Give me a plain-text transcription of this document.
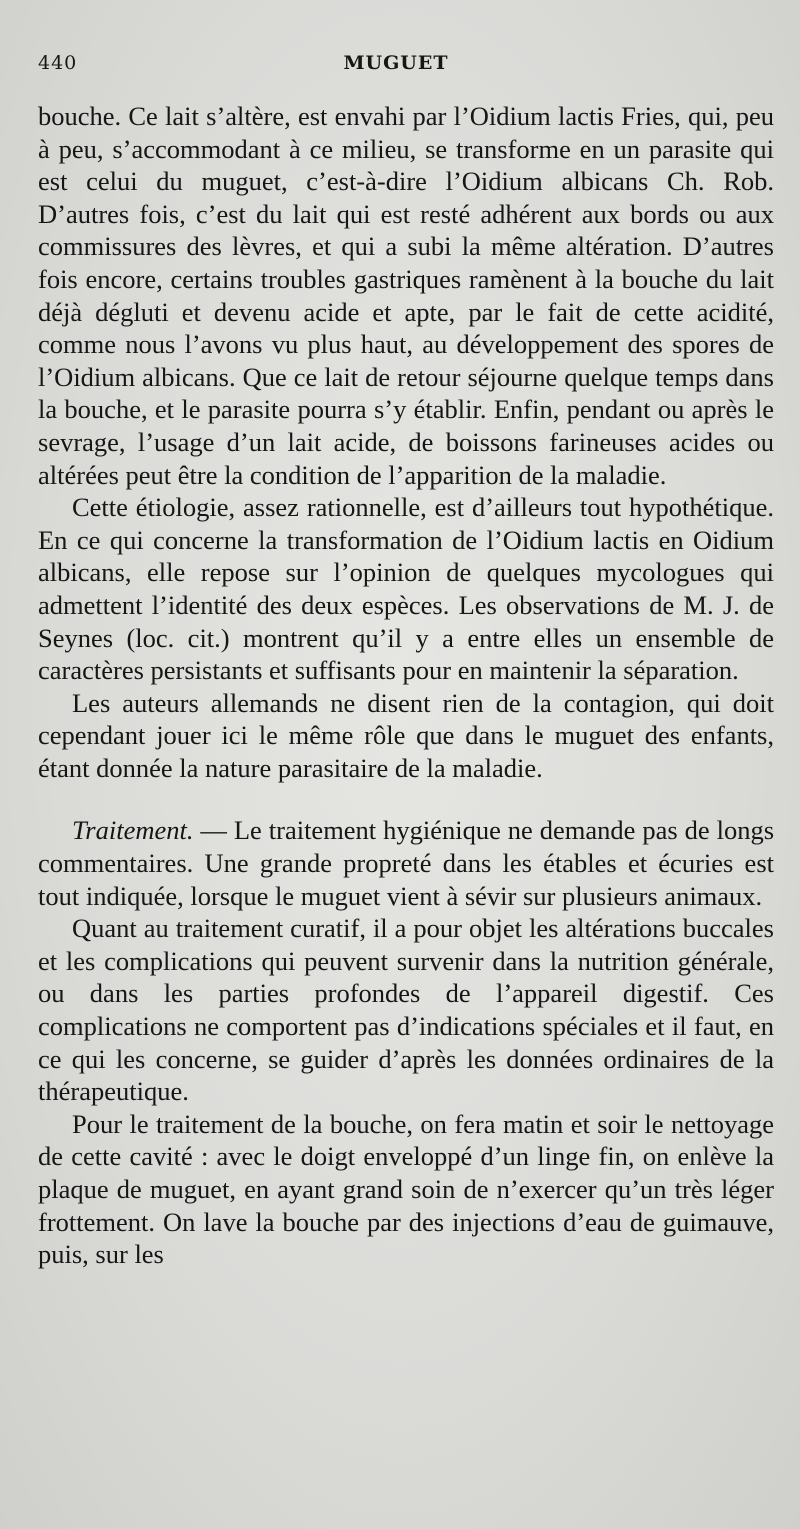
440	MUGUET

bouche. Ce lait s’altère, est envahi par l’Oidium lactis Fries, qui, peu à peu, s’accommodant à ce milieu, se transforme en un parasite qui est celui du muguet, c’est-à-dire l’Oidium albicans Ch. Rob. D’autres fois, c’est du lait qui est resté adhérent aux bords ou aux commissures des lèvres, et qui a subi la même altération. D’autres fois encore, certains troubles gastriques ramènent à la bouche du lait déjà dégluti et devenu acide et apte, par le fait de cette acidité, comme nous l’avons vu plus haut, au développement des spores de l’Oidium albicans. Que ce lait de retour séjourne quelque temps dans la bouche, et le parasite pourra s’y établir. Enfin, pendant ou après le sevrage, l’usage d’un lait acide, de boissons farineuses acides ou altérées peut être la condition de l’apparition de la maladie.

Cette étiologie, assez rationnelle, est d’ailleurs tout hypothétique. En ce qui concerne la transformation de l’Oidium lactis en Oidium albicans, elle repose sur l’opinion de quelques mycologues qui admettent l’identité des deux espèces. Les observations de M. J. de Seynes (loc. cit.) montrent qu’il y a entre elles un ensemble de caractères persistants et suffisants pour en maintenir la séparation.

Les auteurs allemands ne disent rien de la contagion, qui doit cependant jouer ici le même rôle que dans le muguet des enfants, étant donnée la nature parasitaire de la maladie.

Traitement. — Le traitement hygiénique ne demande pas de longs commentaires. Une grande propreté dans les étables et écuries est tout indiquée, lorsque le muguet vient à sévir sur plusieurs animaux.

Quant au traitement curatif, il a pour objet les altérations buccales et les complications qui peuvent survenir dans la nutrition générale, ou dans les parties profondes de l’appareil digestif. Ces complications ne comportent pas d’indications spéciales et il faut, en ce qui les concerne, se guider d’après les données ordinaires de la thérapeutique.

Pour le traitement de la bouche, on fera matin et soir le nettoyage de cette cavité : avec le doigt enveloppé d’un linge fin, on enlève la plaque de muguet, en ayant grand soin de n’exercer qu’un très léger frottement. On lave la bouche par des injections d’eau de guimauve, puis, sur les
